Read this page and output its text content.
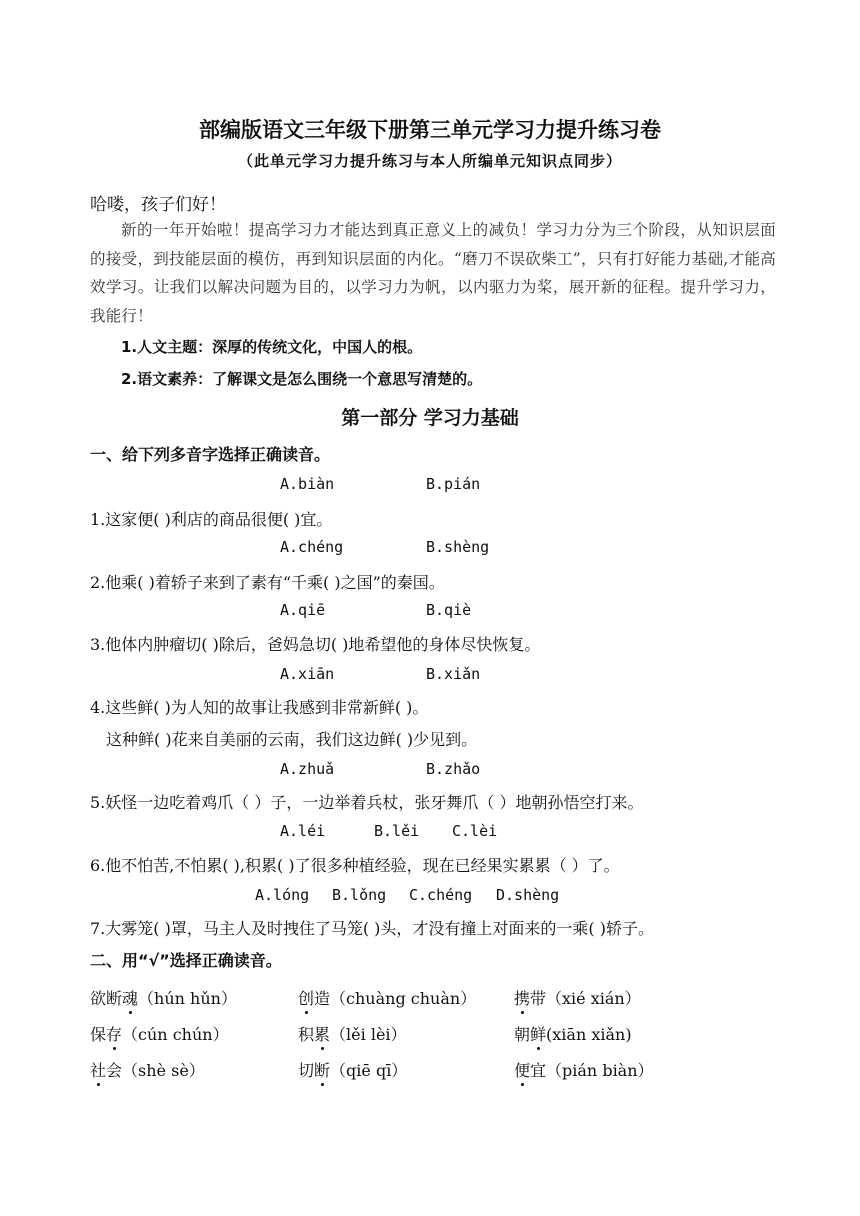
部编版语文三年级下册第三单元学习力提升练习卷
（此单元学习力提升练习与本人所编单元知识点同步）
哈喽，孩子们好！
新的一年开始啦！提高学习力才能达到真正意义上的减负！学习力分为三个阶段，从知识层面的接受，到技能层面的模仿，再到知识层面的内化。“磨刀不误砍柴工”，只有打好能力基础,才能高效学习。让我们以解决问题为目的，以学习力为帆，以内驱力为桨，展开新的征程。提升学习力，我能行！
1.人文主题：深厚的传统文化，中国人的根。
2.语文素养：了解课文是怎么围绕一个意思写清楚的。
第一部分 学习力基础
一、给下列多音字选择正确读音。
A.biàn	B.pián
1.这家便( )利店的商品很便( )宜。
A.chéng	B.shèng
2.他乘( )着轿子来到了素有“千乘( )之国”的秦国。
A.qiē	B.qiè
3.他体内肿瘤切( )除后，爸妈急切( )地希望他的身体尽快恢复。
A.xiān	B.xiǎn
4.这些鲜( )为人知的故事让我感到非常新鲜( )。
这种鲜( )花来自美丽的云南，我们这边鲜( )少见到。
A.zhuǎ	B.zhǎo
5.妖怪一边吃着鸡爪（ ）子，一边举着兵杖，张牙舞爪（ ）地朝孙悟空打来。
A.léi	B.lěi C.lèi
6.他不怕苦,不怕累( ),积累( )了很多种植经验，现在已经果实累累（ ）了。
A.lóng B.lǒng C.chéng D.shèng
7.大雾笼( )罩，马主人及时拽住了马笼( )头，才没有撞上对面来的一乘( )轿子。
二、用“√”选择正确读音。
欲断魂（hún hǔn）	创造（chuàng chuàn） 携带（xié xián）
保存（cún chún）	积累（lěi lèi）	朝鲜(xiān xiǎn)
社会（shè sè）	切断（qiē qī）	便宜（pián biàn）
